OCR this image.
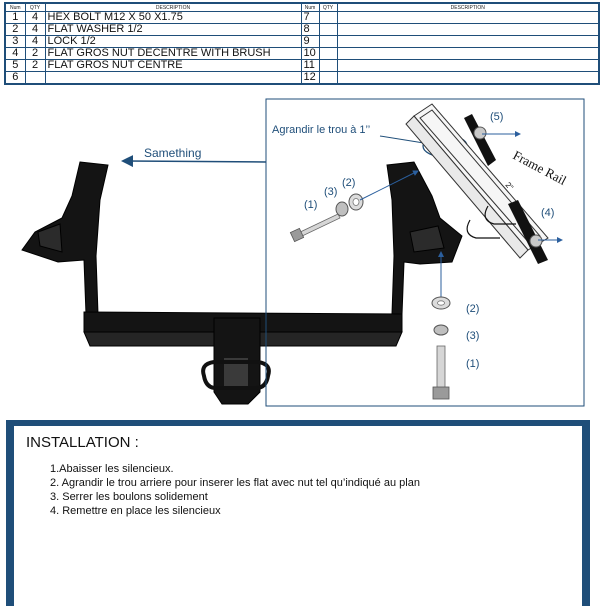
Num	QTY	DESCRIPTION	Num	QTY	DESCRIPTION
1	4	HEX BOLT M12 X 50 X1.75	7		
2	4	FLAT WASHER 1/2	8		
3	4	LOCK 1/2	9		
4	2	FLAT GROS NUT DECENTRE WITH BRUSH	10		
5	2	FLAT GROS NUT CENTRE	11		
6			12		
Samething
Agrandir le trou à 1’’
Frame Rail
2"
(5)
(4)
(1)
(3)
(2)
(2)
(3)
(1)
INSTALLATION :
1.Abaisser les silencieux.
2. Agrandir le trou arriere pour inserer les flat avec nut tel qu’indiqué au plan
3. Serrer les boulons solidement
4. Remettre en place les silencieux
